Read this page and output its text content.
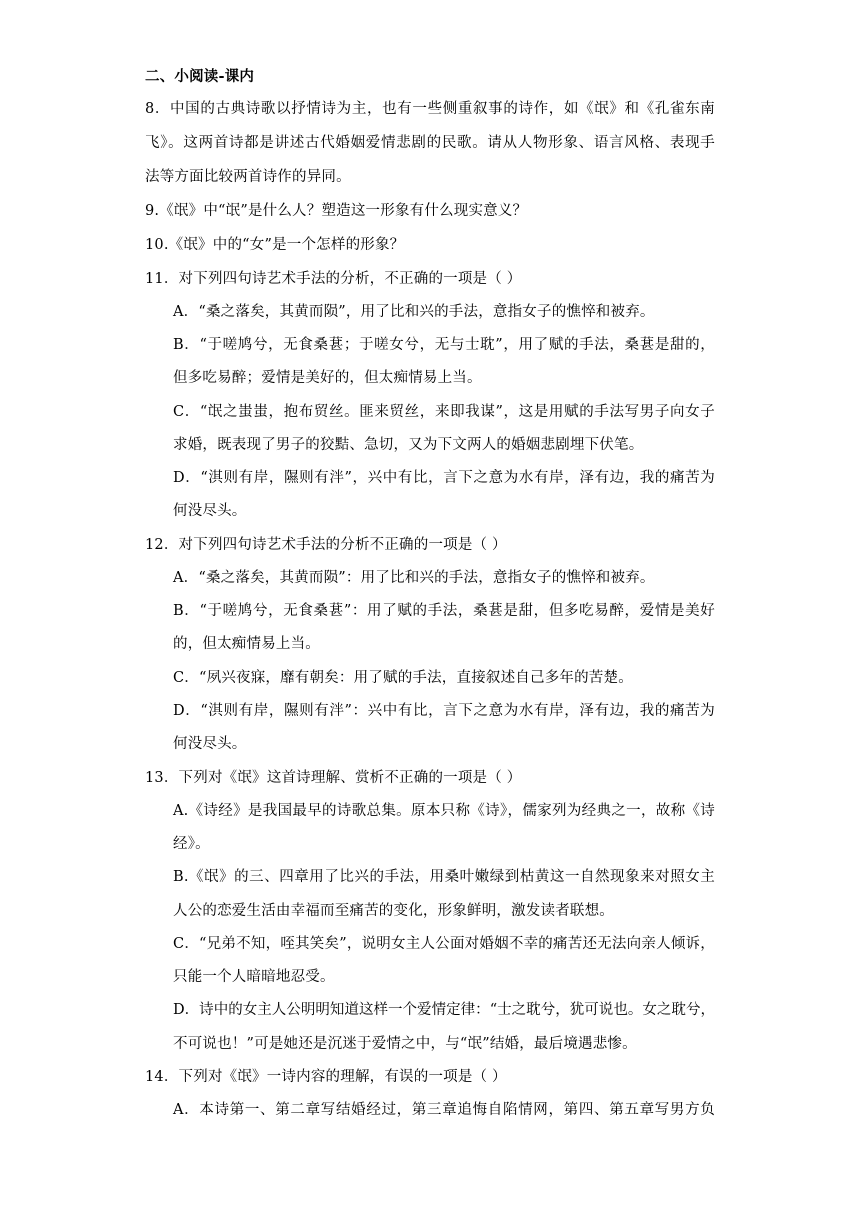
二、小阅读-课内
8．中国的古典诗歌以抒情诗为主，也有一些侧重叙事的诗作，如《氓》和《孔雀东南
飞》。这两首诗都是讲述古代婚姻爱情悲剧的民歌。请从人物形象、语言风格、表现手
法等方面比较两首诗作的异同。
9.《氓》中“氓”是什么人？塑造这一形象有什么现实意义？
10.《氓》中的“女”是一个怎样的形象？
11．对下列四句诗艺术手法的分析，不正确的一项是（ ）
A．“桑之落矣，其黄而陨”，用了比和兴的手法，意指女子的憔悴和被弃。
B．“于嗟鸠兮，无食桑葚；于嗟女兮，无与士耽”，用了赋的手法，桑葚是甜的，
但多吃易醉；爱情是美好的，但太痴情易上当。
C．“氓之蚩蚩，抱布贸丝。匪来贸丝，来即我谋”，这是用赋的手法写男子向女子
求婚，既表现了男子的狡黠、急切，又为下文两人的婚姻悲剧埋下伏笔。
D．“淇则有岸，隰则有泮”，兴中有比，言下之意为水有岸，泽有边，我的痛苦为
何没尽头。
12．对下列四句诗艺术手法的分析不正确的一项是（ ）
A．“桑之落矣，其黄而陨”：用了比和兴的手法，意指女子的憔悴和被弃。
B．“于嗟鸠兮，无食桑葚”：用了赋的手法，桑葚是甜，但多吃易醉，爱情是美好
的，但太痴情易上当。
C．“夙兴夜寐，靡有朝矣：用了赋的手法，直接叙述自己多年的苦楚。
D．“淇则有岸，隰则有泮”：兴中有比，言下之意为水有岸，泽有边，我的痛苦为
何没尽头。
13．下列对《氓》这首诗理解、赏析不正确的一项是（ ）
A.《诗经》是我国最早的诗歌总集。原本只称《诗》，儒家列为经典之一，故称《诗
经》。
B.《氓》的三、四章用了比兴的手法，用桑叶嫩绿到枯黄这一自然现象来对照女主
人公的恋爱生活由幸福而至痛苦的变化，形象鲜明，激发读者联想。
C．“兄弟不知，咥其笑矣”，说明女主人公面对婚姻不幸的痛苦还无法向亲人倾诉，
只能一个人暗暗地忍受。
D．诗中的女主人公明明知道这样一个爱情定律：“士之耽兮，犹可说也。女之耽兮，
不可说也！”可是她还是沉迷于爱情之中，与“氓”结婚，最后境遇悲惨。
14．下列对《氓》一诗内容的理解，有误的一项是（ ）
A．本诗第一、第二章写结婚经过，第三章追悔自陷情网，第四、第五章写男方负
